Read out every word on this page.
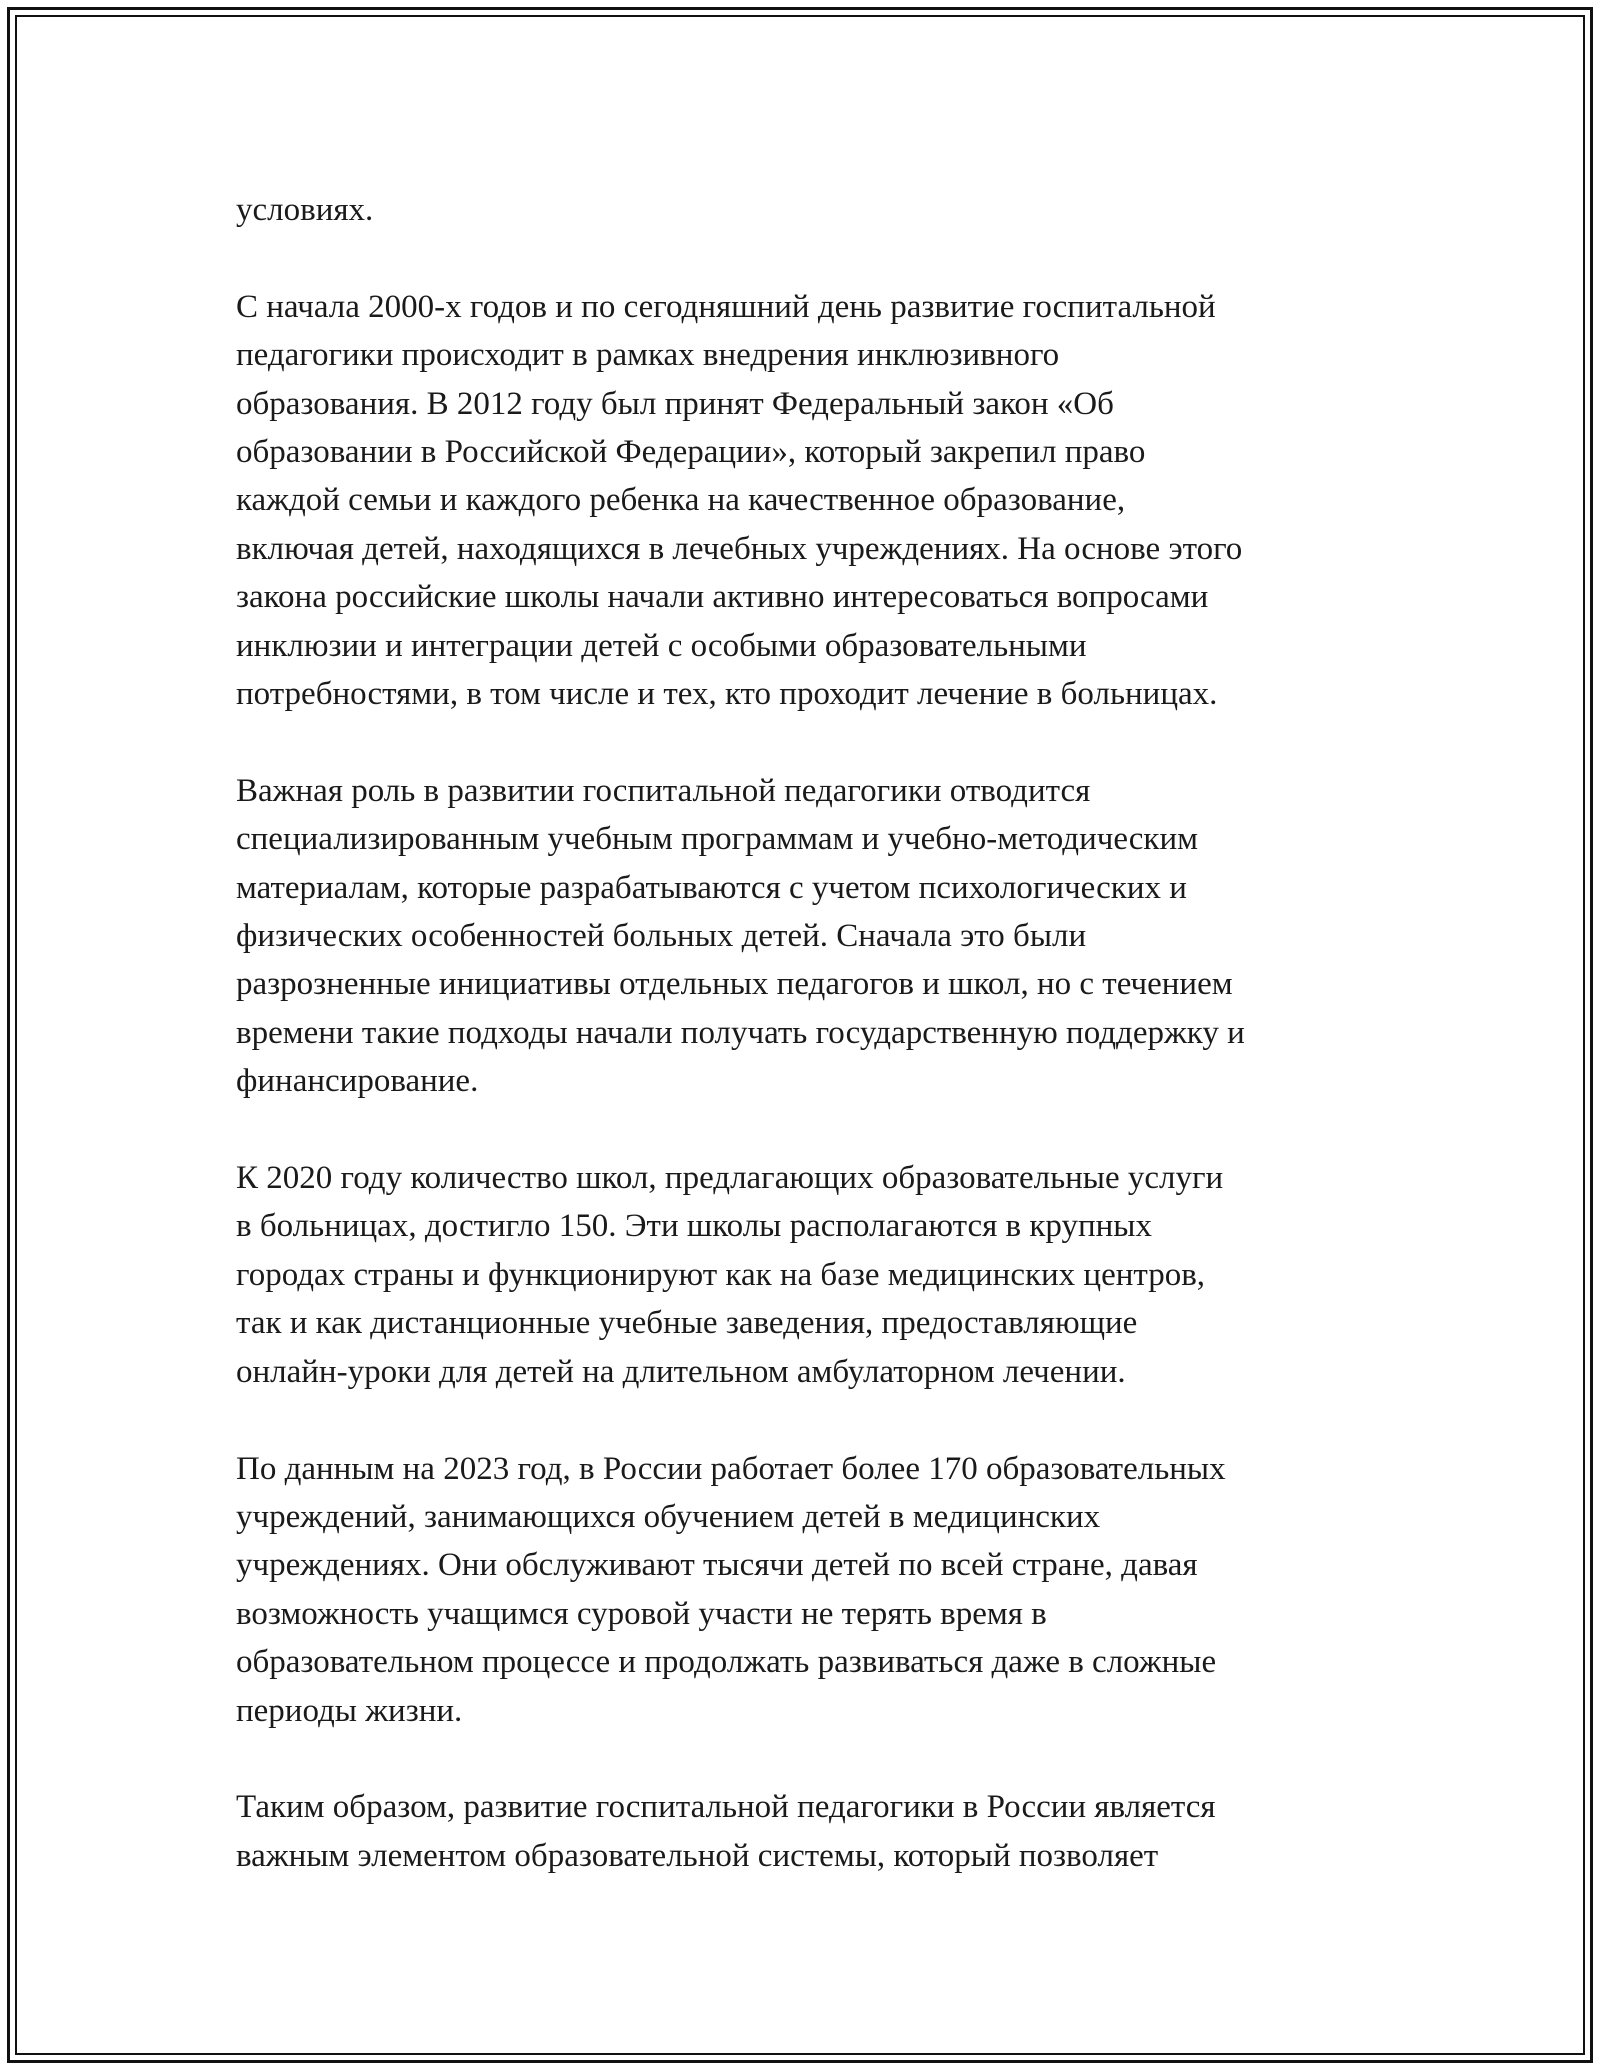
условиях.

С начала 2000-х годов и по сегодняшний день развитие госпитальной
педагогики происходит в рамках внедрения инклюзивного
образования. В 2012 году был принят Федеральный закон «Об
образовании в Российской Федерации», который закрепил право
каждой семьи и каждого ребенка на качественное образование,
включая детей, находящихся в лечебных учреждениях. На основе этого
закона российские школы начали активно интересоваться вопросами
инклюзии и интеграции детей с особыми образовательными
потребностями, в том числе и тех, кто проходит лечение в больницах.

Важная роль в развитии госпитальной педагогики отводится
специализированным учебным программам и учебно-методическим
материалам, которые разрабатываются с учетом психологических и
физических особенностей больных детей. Сначала это были
разрозненные инициативы отдельных педагогов и школ, но с течением
времени такие подходы начали получать государственную поддержку и
финансирование.

К 2020 году количество школ, предлагающих образовательные услуги
в больницах, достигло 150. Эти школы располагаются в крупных
городах страны и функционируют как на базе медицинских центров,
так и как дистанционные учебные заведения, предоставляющие
онлайн-уроки для детей на длительном амбулаторном лечении.

По данным на 2023 год, в России работает более 170 образовательных
учреждений, занимающихся обучением детей в медицинских
учреждениях. Они обслуживают тысячи детей по всей стране, давая
возможность учащимся суровой участи не терять время в
образовательном процессе и продолжать развиваться даже в сложные
периоды жизни.

Таким образом, развитие госпитальной педагогики в России является
важным элементом образовательной системы, который позволяет
